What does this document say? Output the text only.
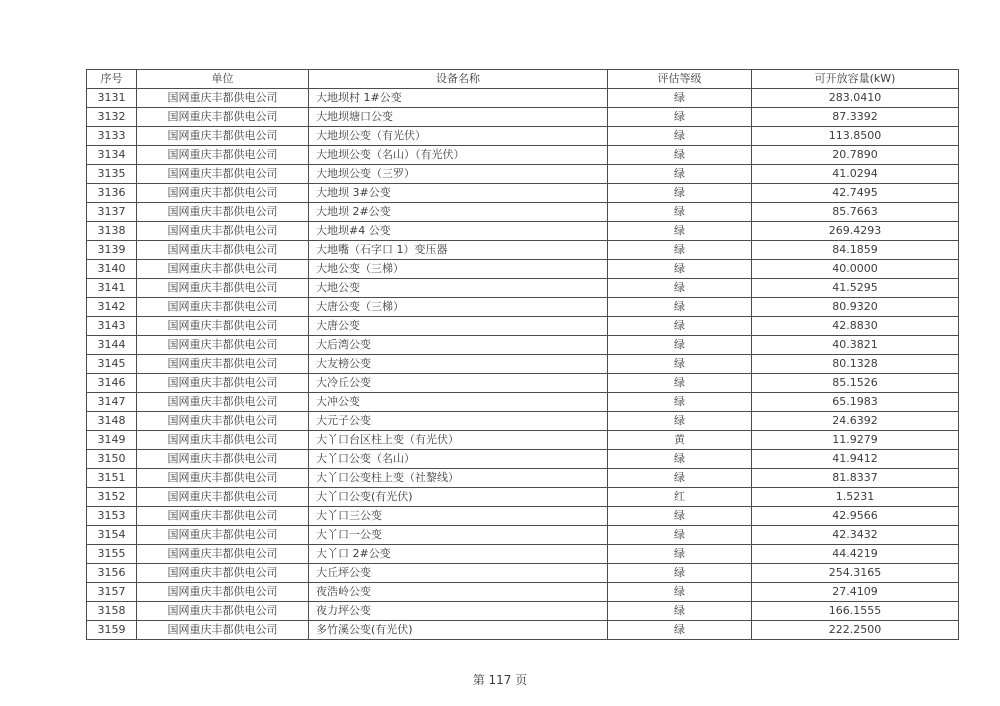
序号	单位	设备名称	评估等级	可开放容量(kW)
3131	国网重庆丰都供电公司	大地坝村 1#公变	绿	283.0410
3132	国网重庆丰都供电公司	大地坝塘口公变	绿	87.3392
3133	国网重庆丰都供电公司	大地坝公变（有光伏）	绿	113.8500
3134	国网重庆丰都供电公司	大地坝公变（名山）（有光伏）	绿	20.7890
3135	国网重庆丰都供电公司	大地坝公变（三罗）	绿	41.0294
3136	国网重庆丰都供电公司	大地坝 3#公变	绿	42.7495
3137	国网重庆丰都供电公司	大地坝 2#公变	绿	85.7663
3138	国网重庆丰都供电公司	大地坝#4 公变	绿	269.4293
3139	国网重庆丰都供电公司	大地嘴（石字口 1）变压器	绿	84.1859
3140	国网重庆丰都供电公司	大地公变（三梯）	绿	40.0000
3141	国网重庆丰都供电公司	大地公变	绿	41.5295
3142	国网重庆丰都供电公司	大唐公变（三梯）	绿	80.9320
3143	国网重庆丰都供电公司	大唐公变	绿	42.8830
3144	国网重庆丰都供电公司	大后湾公变	绿	40.3821
3145	国网重庆丰都供电公司	大友榜公变	绿	80.1328
3146	国网重庆丰都供电公司	大冷丘公变	绿	85.1526
3147	国网重庆丰都供电公司	大冲公变	绿	65.1983
3148	国网重庆丰都供电公司	大元子公变	绿	24.6392
3149	国网重庆丰都供电公司	大丫口台区柱上变（有光伏）	黄	11.9279
3150	国网重庆丰都供电公司	大丫口公变（名山）	绿	41.9412
3151	国网重庆丰都供电公司	大丫口公变柱上变（社黎线）	绿	81.8337
3152	国网重庆丰都供电公司	大丫口公变(有光伏)	红	1.5231
3153	国网重庆丰都供电公司	大丫口三公变	绿	42.9566
3154	国网重庆丰都供电公司	大丫口一公变	绿	42.3432
3155	国网重庆丰都供电公司	大丫口 2#公变	绿	44.4219
3156	国网重庆丰都供电公司	大丘坪公变	绿	254.3165
3157	国网重庆丰都供电公司	夜浩岭公变	绿	27.4109
3158	国网重庆丰都供电公司	夜力坪公变	绿	166.1555
3159	国网重庆丰都供电公司	多竹溪公变(有光伏)	绿	222.2500
第 117 页
